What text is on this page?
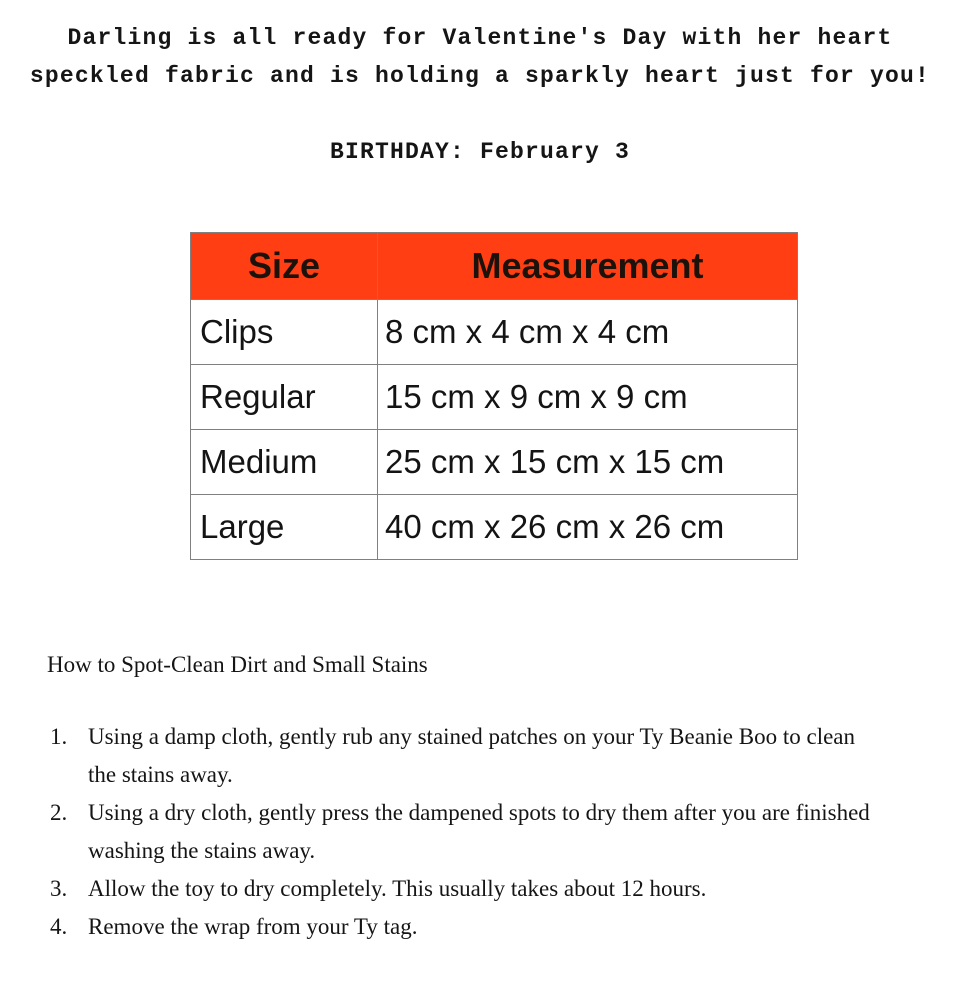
Darling is all ready for Valentine's Day with her heart
speckled fabric and is holding a sparkly heart just for you!
BIRTHDAY: February 3
Size	Measurement
Clips	8 cm x 4 cm x 4 cm
Regular	15 cm x 9 cm x 9 cm
Medium	25 cm x 15 cm x 15 cm
Large	40 cm x 26 cm x 26 cm

How to Spot-Clean Dirt and Small Stains

1. Using a damp cloth, gently rub any stained patches on your Ty Beanie Boo to clean the stains away.
2. Using a dry cloth, gently press the dampened spots to dry them after you are finished washing the stains away.
3. Allow the toy to dry completely. This usually takes about 12 hours.
4. Remove the wrap from your Ty tag.
